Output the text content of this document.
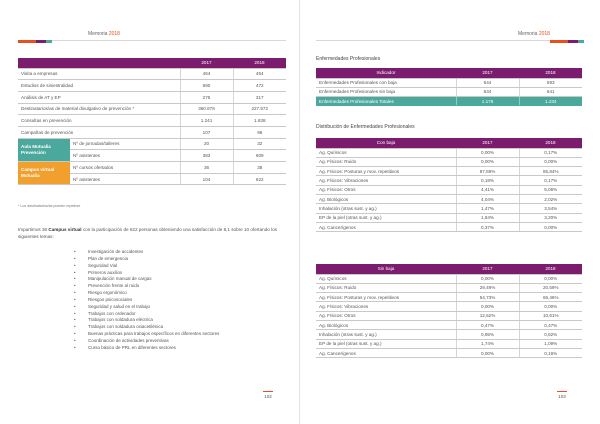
Memoria 2018
		2017	2018
Visita a empresas		464	454
Estudios de siniestralidad		690	472
Análisis de AT y EP		275	317
Destinatarios/as de material divulgativo de prevención *		360.678	227.572
Consultas en prevención		1.241	1.638
Campañas de prevención		107	96
Aula Mutualia Prevención	Nº de jornadas/talleres	20	32
	Nº asistentes	383	609
Campus virtual Mutualia	Nº cursos ofertados	36	38
	Nº asistentes	104	622
* Los destinatarios/as pueden repetirse

Impartimos 36 Campus virtual con la participación de 622 personas obteniendo una satisfacción de 8,1 sobre 10 ofertando los siguientes temas:

• Investigación de accidentes
• Plan de emergencia
• Seguridad Vial
• Primeros auxilios
• Manipulación manual de cargas
• Prevención frente al ruido
• Riesgo ergonómico
• Riesgos psicosociales
• Seguridad y salud en el trabajo
• Trabajos con ordenador
• Trabajos con soldadura eléctrica
• Trabajos con soldadura oxiacetilénica
• Buenas prácticas para trabajos específicos en diferentes sectores
• Coordinación de actividades preventivas
• Curso básico de PRL en diferentes sectores
102
Memoria 2018
Enfermedades Profesionales
Indicador	2017	2018
Enfermedades Profesionales con baja	544	593
Enfermedades Profesionales sin baja	634	641
Enfermedades Profesionales Totales	1.178	1.234
Distribución de Enfermedades Profesionales
Con baja	2017	2018
Ag. Químicos	0,00%	0,17%
Ag. Físicos: Ruido	0,00%	0,00%
Ag. Físicos: Posturas y mov. repetitivos	87,69%	85,84%
Ag. Físicos: Vibraciones	0,18%	0,17%
Ag. Físicos: Otros	4,41%	5,06%
Ag. Biológicos	4,04%	2,02%
Inhalación (otras sust. y ag.)	1,47%	3,54%
EP de la piel (otras sust. y ag.)	1,84%	3,20%
Ag. Cancerígenos	0,37%	0,00%
Sin baja	2017	2018
Ag. Químicos	0,00%	0,00%
Ag. Físicos: Ruido	29,49%	20,59%
Ag. Físicos: Posturas y mov. repetitivos	54,73%	66,46%
Ag. Físicos: Vibraciones	0,00%	0,00%
Ag. Físicos: Otros	12,62%	10,61%
Ag. Biológicos	0,47%	0,47%
Inhalación (otras sust. y ag.)	0,95%	0,62%
EP de la piel (otras sust. y ag.)	1,74%	1,09%
Ag. Cancerígenos	0,00%	0,16%
103
